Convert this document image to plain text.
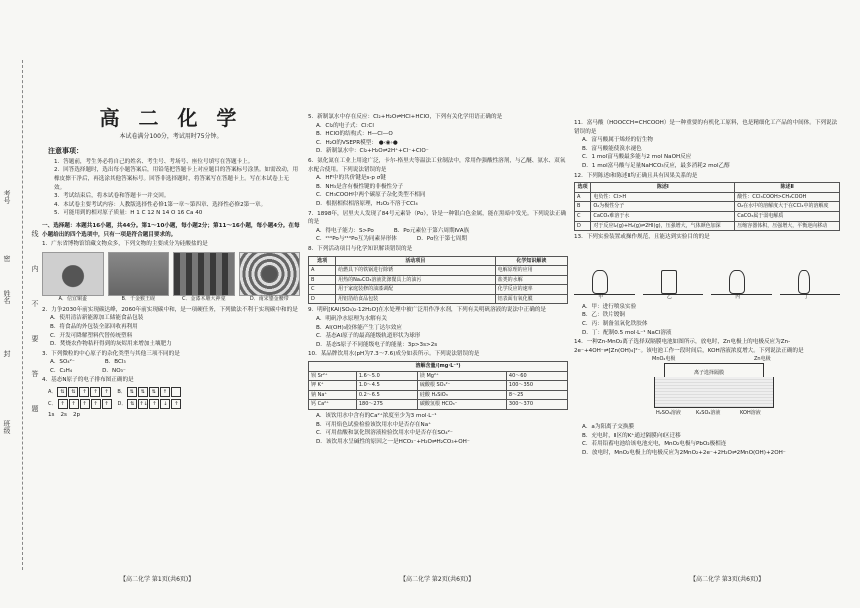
考号
密
姓名
封
班级
线
内
不
要
答
题
高 二 化 学
本试卷满分100分，考试用时75分钟。
注意事项：
1．答题前，考生务必将自己的姓名、考生号、考场号、座位号填写在答题卡上。
2．回答选择题时，选出每小题答案后，用铅笔把答题卡上对应题目的答案标号涂黑。如需改动，用橡皮擦干净后，再选涂其他答案标号。回答非选择题时，将答案写在答题卡上。写在本试卷上无效。
3．考试结束后，将本试卷和答题卡一并交回。
4．本试卷主要考试内容：人教版选择性必修1第一章～第四章、选择性必修2第一章。
5．可能用到的相对原子质量：H 1 C 12 N 14 O 16 Ca 40
一、选择题：本题共16小题，共44分。第1～10小题，每小题2分；第11～16小题，每小题4分。在每小题给出的四个选项中，只有一项是符合题目要求的。
1．广东省博物馆馆藏文物众多，下列文物的主要成分为硅酸盐的是
A．信宜铜盉	B．千金猴王砚	C．金漆木雕大神龛	D．南宋鎏金腰带
2．力争2030年前实现碳达峰，2060年前实现碳中和，是一项硬任务，下列做法不利于实现碳中和的是
A．使用清洁新能源加工储能食品包装
B．将食品的外包装全部回收再利用
C．开发可降解塑料代替传统塑料
D．焚烧农作物秸秆得到的灰烬用来增加土壤肥力
3．下列微粒的中心原子的杂化类型与其他三项不同的是
A．SO₄²⁻	B．BCl₃
C．C₂H₄	D．NO₃⁻
4．基态N原子的电子排布图正确的是
A． ⇅	⇅	↑	↑	↑	B． ⇅	⇅	⇅	↑
C． ↑	↑	↑	↑	↑	D． ⇅ ↑↓ ↑	↓	↑
1s 2s 2p
5．新制氯水中存在反应：Cl₂+H₂O⇌HCl+HClO，下列有关化学用语正确的是
A．Cl₂的电子式：Cl:Cl
B．HClO的结构式：H—Cl—O
C．H₂O的VSEPR模型： ●‹◉›●
D．新制氯水中：Cl₂+H₂O⇌2H⁺+Cl⁻+ClO⁻
6．氨化氮在工业上用途广泛，卡尔-格里夫等温法工业制法中，常用作强酸性溶剂，与乙醚、氨水、双氧水配合使用。下列说法错误的是
A．HF中的共价键是s-p σ键
B．NH₃是含有极性键的非极性分子
C．CH₃COOH中两个碳原子杂化类型不相同
D．根据相似相溶原理，H₂O₂不溶于CCl₄
7．1898年，居里夫人发现了84号元素钋（Po），钋是一种银白色金属，能在黑暗中发光。下列说法正确的是
A．得电子能力：S>Po	B．Po元素位于第六周期ⅣA族
C．²¹⁰Po与²¹⁰Po互为同素异形体	D．Po位于第七周期
8．下列活动项目与化学知识解读错误的是
选项	活动项目	化学知识解读
A	给燃具下的铁锅进行除锈	电解原理的应用
B	用热的Na₂CO₃溶液洗涤餐具上的油污	盐类的水解
C	用于家庭装修的油漆调配	化学反应的速率
D	用铝箔给食品包装	铝表面有氧化膜
9．明矾[KAl(SO₄)₂·12H₂O]在水处理中被广泛用作净水剂，下列有关明矾溶液的说法中正确的是
A．明矾净水原理为水解有关
B．Al(OH)₃胶体能产生丁达尔效应
C．基态Al原子的最高能级轨道形状为球形
D．基态S原子不同能级电子的能量：3p>3s>2s
10．某品牌饮用水(pH为7.3～7.6)成分如表所示。下列说法错误的是
溶解含量/(mg·L⁻¹)			
钡 Sr²⁺	1.6～5.0	镁 Mg²⁺	40～60
钾 K⁺	1.0～4.5	硫酸根 SO₄²⁻	100～350
钠 Na⁺	0.2～6.5	硅酸 H₂SiO₃	8～25
钙 Ca²⁺	180～275	碳酸氢根 HCO₃⁻	300～370
A．该饮用水中含有的Ca²⁺浓度至少为3 mol·L⁻¹
B．可用焰色试验检验该饮用水中是否存在Na⁺
C．可用盐酸和氯化钡溶液检验饮用水中是否存在SO₄²⁻
D．该饮用水呈碱性的原因之一是HCO₃⁻+H₂O⇌H₂CO₃+OH⁻
11．富马酸（HOOCCH=CHCOOH）是一种重要的有机化工原料，也是精细化工产品的中间体。下列说法错误的是
A．富马酸属于烯烃的衍生物
B．富马酸能使溴水褪色
C．1 mol富马酸最多能与2 mol NaOH反应
D．1 mol富马酸与足量NaHCO₃反应，最多消耗2 mol乙醇
12．下列陈述Ⅰ和陈述Ⅱ均正确且具有因果关系的是
选项	陈述Ⅰ	陈述Ⅱ
A	电负性：Cl>H	酸性：CCl₃COOH>CH₃COOH
B	O₂为极性分子	O₂在水中的溶解度大于在CCl₄中的溶解度
C	CaCO₃难溶于水	CaCO₃属于弱电解质
D	对于反应I₂(g)+H₂(g)⇌2HI(g)，压强增大，气体颜色加深	压缩容器体积，压强增大，平衡逆向移动
13．下列实验装置或操作规范，且能达到实验目的的是
甲	乙	丙	丁
A．甲：进行喷泉实验
B．乙：铁片镀铜
C．丙：制备氢氧化铁胶体
D．丁：配制0.5 mol·L⁻¹ NaCl溶液
14．一种Zn-MnO₂离子选择双隔膜电池如图所示，放电时，Zn电极上的电极反应为Zn-2e⁻+4OH⁻⇌[Zn(OH)₄]²⁻。该电池工作一段时间后，KOH溶液浓度增大。下列说法正确的是
MnO₂电极
离子选择隔膜
Zn电极
H₂SO₄溶液	K₂SO₄溶液	KOH溶液
A．a为阳离子交换膜
B．充电时，Ⅱ区的K⁺通过隔膜向Ⅰ区迁移
C．若用铅蓄电池给该电池充电，MnO₂电极与PbO₂极相连
D．放电时，MnO₂电极上的电极反应为2MnO₂+2e⁻+2H₂O⇌2MnO(OH)+2OH⁻
【高二化学 第1页(共6页)】	【高二化学 第2页(共6页)】	【高二化学 第3页(共6页)】
